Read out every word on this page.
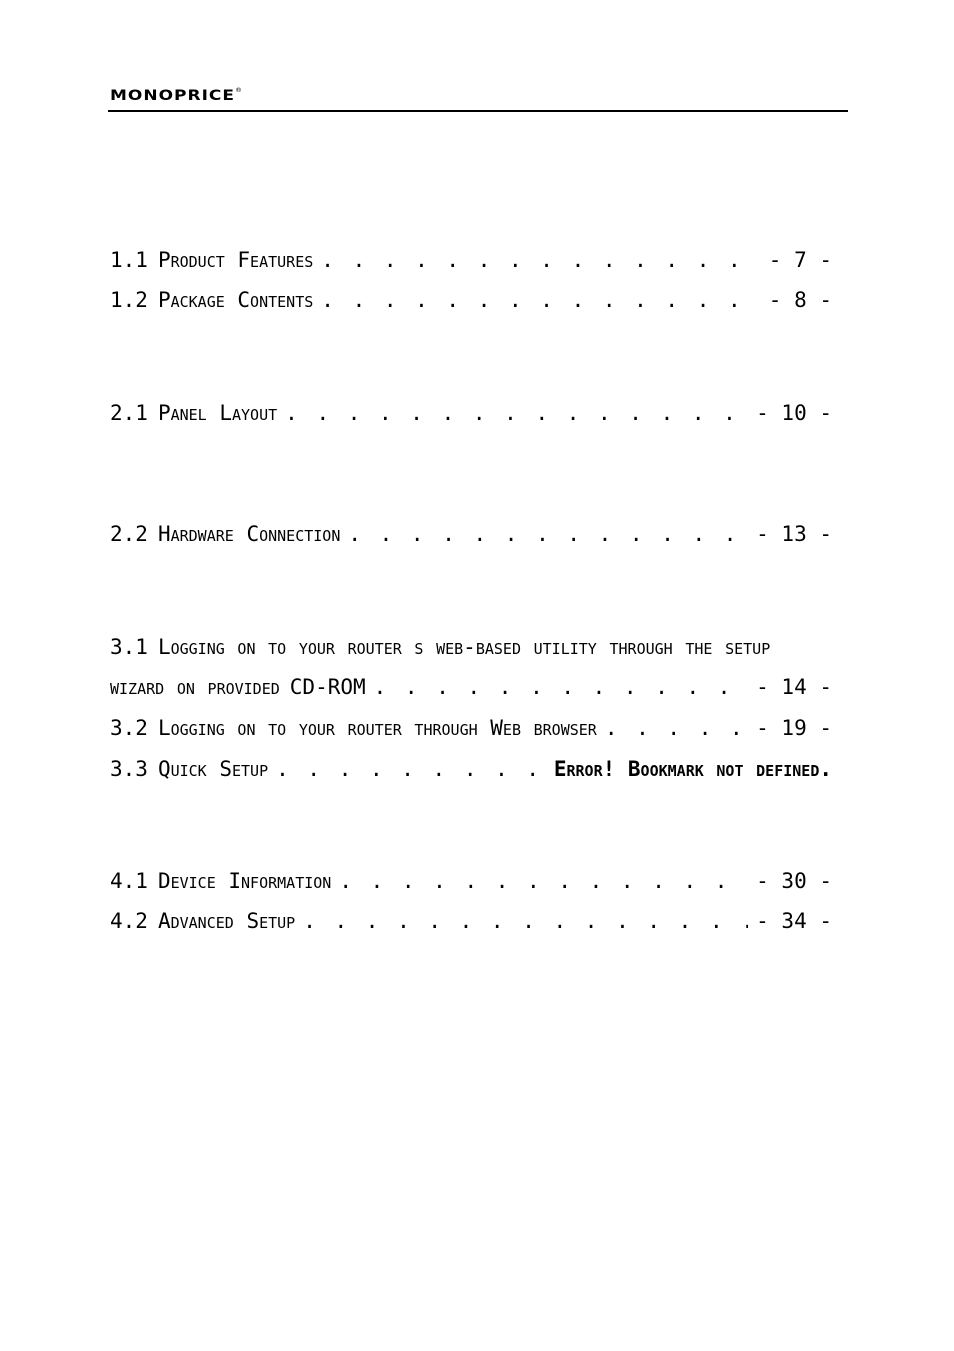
MONOPRICE®
1.1 Product Features . . .	- 7 -
1.2 Package Contents . . .	- 8 -
2.1 Panel Layout . . .	- 10 -
2.2 Hardware Connection . . .	- 13 -
3.1 Logging on to your router s web-based utility through the setup
wizard on provided CD-ROM . . .	- 14 -
3.2 Logging on to your router through Web browser . . .	- 19 -
3.3 Quick Setup . . .	Error! Bookmark not defined.
4.1 Device Information . . .	- 30 -
4.2 Advanced Setup . . .	- 34 -
